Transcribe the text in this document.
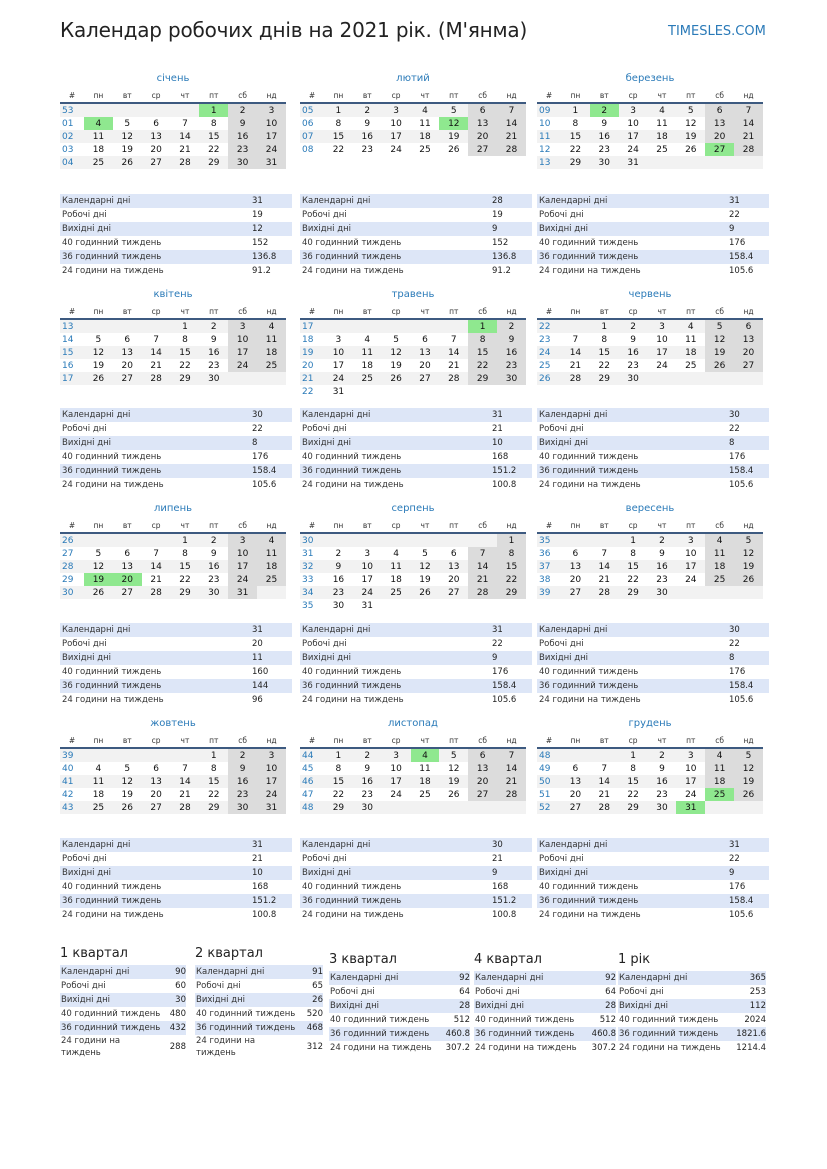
Календар робочих днів на 2021 рік. (М'янма)	TIMESLES.COM
січень
#	пн	вт	ср	чт	пт	сб	нд
53					1	2	3
01	4	5	6	7	8	9	10
02	11	12	13	14	15	16	17
03	18	19	20	21	22	23	24
04	25	26	27	28	29	30	31
Календарні дні	31
Робочі дні	19
Вихідні дні	12
40 годинний тиждень	152
36 годинний тиждень	136.8
24 години на тиждень	91.2
лютий
#	пн	вт	ср	чт	пт	сб	нд
05	1	2	3	4	5	6	7
06	8	9	10	11	12	13	14
07	15	16	17	18	19	20	21
08	22	23	24	25	26	27	28
Календарні дні	28
Робочі дні	19
Вихідні дні	9
40 годинний тиждень	152
36 годинний тиждень	136.8
24 години на тиждень	91.2
березень
#	пн	вт	ср	чт	пт	сб	нд
09	1	2	3	4	5	6	7
10	8	9	10	11	12	13	14
11	15	16	17	18	19	20	21
12	22	23	24	25	26	27	28
13	29	30	31				
Календарні дні	31
Робочі дні	22
Вихідні дні	9
40 годинний тиждень	176
36 годинний тиждень	158.4
24 години на тиждень	105.6
квітень
#	пн	вт	ср	чт	пт	сб	нд
13				1	2	3	4
14	5	6	7	8	9	10	11
15	12	13	14	15	16	17	18
16	19	20	21	22	23	24	25
17	26	27	28	29	30		
Календарні дні	30
Робочі дні	22
Вихідні дні	8
40 годинний тиждень	176
36 годинний тиждень	158.4
24 години на тиждень	105.6
травень
#	пн	вт	ср	чт	пт	сб	нд
17						1	2
18	3	4	5	6	7	8	9
19	10	11	12	13	14	15	16
20	17	18	19	20	21	22	23
21	24	25	26	27	28	29	30
22	31						
Календарні дні	31
Робочі дні	21
Вихідні дні	10
40 годинний тиждень	168
36 годинний тиждень	151.2
24 години на тиждень	100.8
червень
#	пн	вт	ср	чт	пт	сб	нд
22		1	2	3	4	5	6
23	7	8	9	10	11	12	13
24	14	15	16	17	18	19	20
25	21	22	23	24	25	26	27
26	28	29	30				
Календарні дні	30
Робочі дні	22
Вихідні дні	8
40 годинний тиждень	176
36 годинний тиждень	158.4
24 години на тиждень	105.6
липень
#	пн	вт	ср	чт	пт	сб	нд
26				1	2	3	4
27	5	6	7	8	9	10	11
28	12	13	14	15	16	17	18
29	19	20	21	22	23	24	25
30	26	27	28	29	30	31	
Календарні дні	31
Робочі дні	20
Вихідні дні	11
40 годинний тиждень	160
36 годинний тиждень	144
24 години на тиждень	96
серпень
#	пн	вт	ср	чт	пт	сб	нд
30							1
31	2	3	4	5	6	7	8
32	9	10	11	12	13	14	15
33	16	17	18	19	20	21	22
34	23	24	25	26	27	28	29
35	30	31					
Календарні дні	31
Робочі дні	22
Вихідні дні	9
40 годинний тиждень	176
36 годинний тиждень	158.4
24 години на тиждень	105.6
вересень
#	пн	вт	ср	чт	пт	сб	нд
35			1	2	3	4	5
36	6	7	8	9	10	11	12
37	13	14	15	16	17	18	19
38	20	21	22	23	24	25	26
39	27	28	29	30			
Календарні дні	30
Робочі дні	22
Вихідні дні	8
40 годинний тиждень	176
36 годинний тиждень	158.4
24 години на тиждень	105.6
жовтень
#	пн	вт	ср	чт	пт	сб	нд
39					1	2	3
40	4	5	6	7	8	9	10
41	11	12	13	14	15	16	17
42	18	19	20	21	22	23	24
43	25	26	27	28	29	30	31
Календарні дні	31
Робочі дні	21
Вихідні дні	10
40 годинний тиждень	168
36 годинний тиждень	151.2
24 години на тиждень	100.8
листопад
#	пн	вт	ср	чт	пт	сб	нд
44	1	2	3	4	5	6	7
45	8	9	10	11	12	13	14
46	15	16	17	18	19	20	21
47	22	23	24	25	26	27	28
48	29	30					
Календарні дні	30
Робочі дні	21
Вихідні дні	9
40 годинний тиждень	168
36 годинний тиждень	151.2
24 години на тиждень	100.8
грудень
#	пн	вт	ср	чт	пт	сб	нд
48			1	2	3	4	5
49	6	7	8	9	10	11	12
50	13	14	15	16	17	18	19
51	20	21	22	23	24	25	26
52	27	28	29	30	31		
Календарні дні	31
Робочі дні	22
Вихідні дні	9
40 годинний тиждень	176
36 годинний тиждень	158.4
24 години на тиждень	105.6
1 квартал
Календарні дні	90
Робочі дні	60
Вихідні дні	30
40 годинний тиждень 480
36 годинний тиждень 432
24 години на тиждень
288
2 квартал
Календарні дні	91
Робочі дні	65
Вихідні дні	26
40 годинний тиждень 520
36 годинний тиждень 468
24 години на тиждень
312
3 квартал
Календарні дні	92
Робочі дні	64
Вихідні дні	28
40 годинний тиждень	512
36 годинний тиждень 460.8
24 години на тиждень 307.2
4 квартал
Календарні дні	92
Робочі дні	64
Вихідні дні	28
40 годинний тиждень	512
36 годинний тиждень 460.8
24 години на тиждень 307.2
1 рік
Календарні дні	365
Робочі дні	253
Вихідні дні	112
40 годинний тиждень	2024
36 годинний тиждень 1821.6
24 години на тиждень 1214.4
